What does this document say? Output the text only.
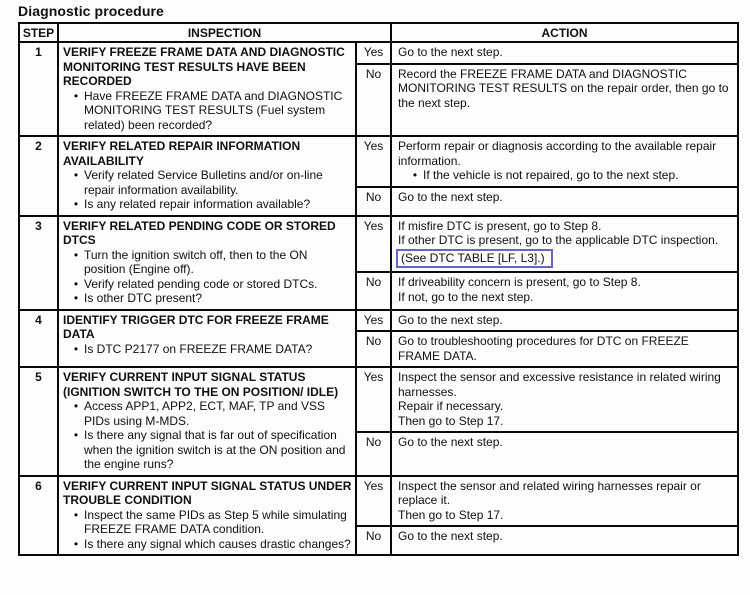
Diagnostic procedure
STEP	INSPECTION		ACTION
1	VERIFY FREEZE FRAME DATA AND DIAGNOSTIC MONITORING TEST RESULTS HAVE BEEN RECORDED
• Have FREEZE FRAME DATA and DIAGNOSTIC MONITORING TEST RESULTS (Fuel system related) been recorded?	Yes	Go to the next step.

		No	Record the FREEZE FRAME DATA and DIAGNOSTIC MONITORING TEST RESULTS on the repair order, then go to the next step.

2	VERIFY RELATED REPAIR INFORMATION AVAILABILITY
• Verify related Service Bulletins and/or on-line repair information availability.
• Is any related repair information available?
	Yes	Perform repair or diagnosis according to the available repair information.
• If the vehicle is not repaired, go to the next step.

		No	Go to the next step.

3	VERIFY RELATED PENDING CODE OR STORED DTCS
• Turn the ignition switch off, then to the ON position (Engine off).
• Verify related pending code or stored DTCs.
• Is other DTC present?
	Yes	If misfire DTC is present, go to Step 8.
If other DTC is present, go to the applicable DTC inspection.
(See DTC TABLE [LF, L3].)

		No	If driveability concern is present, go to Step 8.
If not, go to the next step.

4	IDENTIFY TRIGGER DTC FOR FREEZE FRAME DATA
• Is DTC P2177 on FREEZE FRAME DATA?	Yes	Go to the next step.

		No	Go to troubleshooting procedures for DTC on FREEZE FRAME DATA.

5	VERIFY CURRENT INPUT SIGNAL STATUS (IGNITION SWITCH TO THE ON POSITION/ IDLE)
• Access APP1, APP2, ECT, MAF, TP and VSS PIDs using M-MDS.
• Is there any signal that is far out of specification when the ignition switch is at the ON position and the engine runs?
	Yes	Inspect the sensor and excessive resistance in related wiring harnesses.
Repair if necessary.
Then go to Step 17.

		No	Go to the next step.

6	VERIFY CURRENT INPUT SIGNAL STATUS UNDER TROUBLE CONDITION
• Inspect the same PIDs as Step 5 while simulating FREEZE FRAME DATA condition.
• Is there any signal which causes drastic changes?
	Yes	Inspect the sensor and related wiring harnesses repair or replace it.
Then go to Step 17.

		No	Go to the next step.
